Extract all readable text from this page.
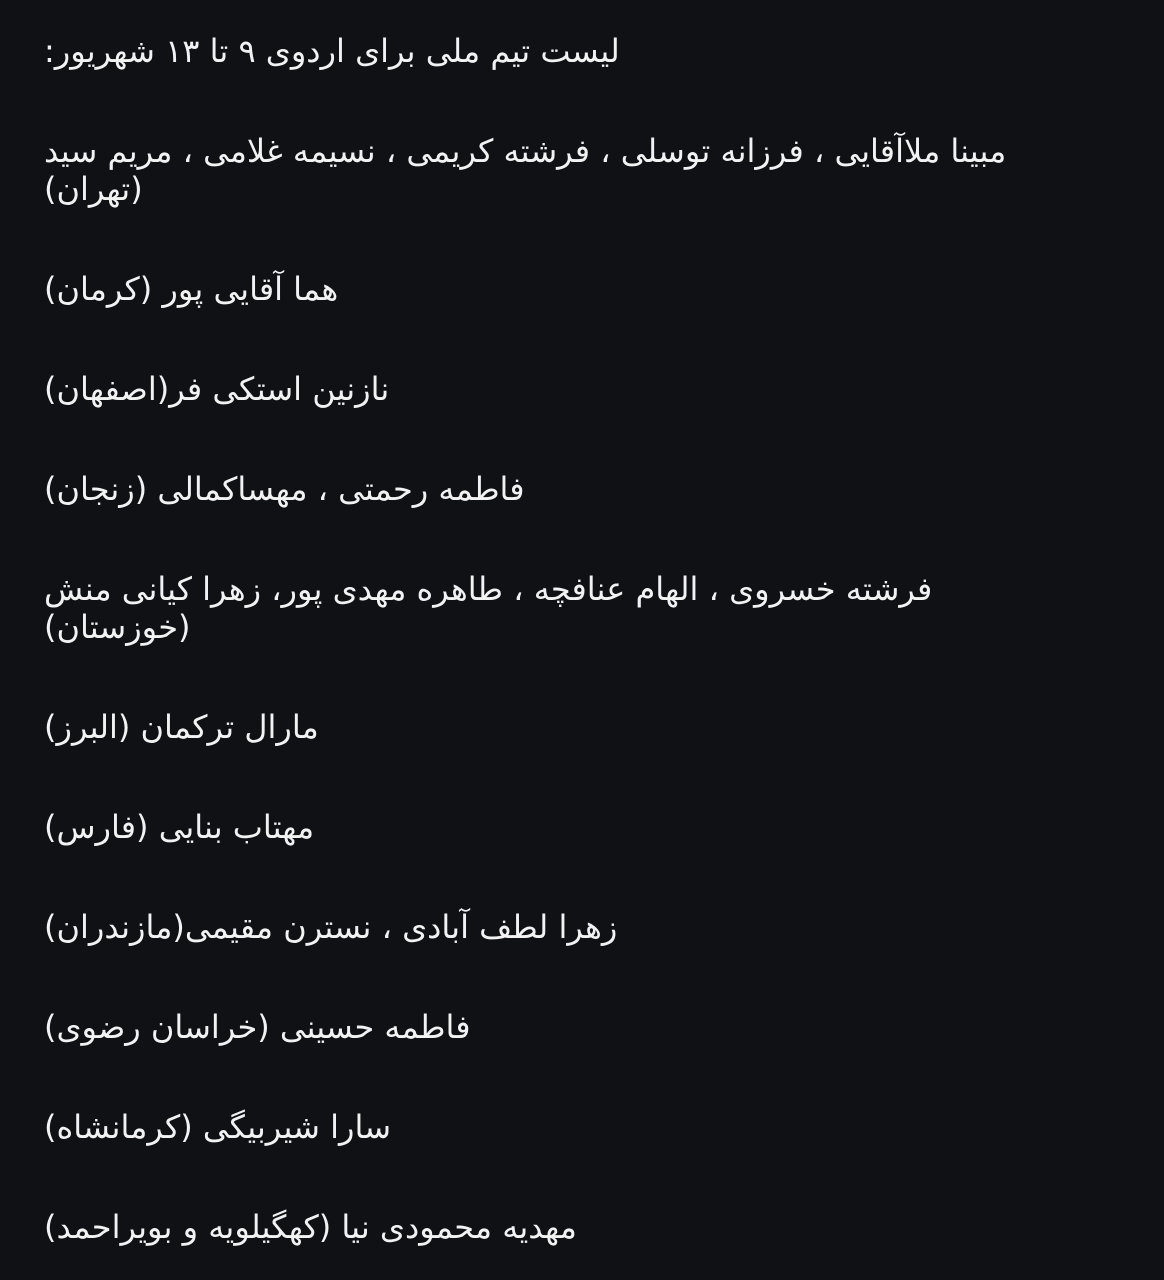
لیست تیم ملی برای اردوی ۹ تا ۱۳ شهریور:
مبینا ملاآقایی ، فرزانه توسلی ، فرشته کریمی ، نسیمه غلامی ، مریم سید (تهران)
هما آقایی پور (کرمان)
نازنین استکی فر(اصفهان)
فاطمه رحمتی ، مهساکمالی (زنجان)
فرشته خسروی ، الهام عنافچه ، طاهره مهدی پور، زهرا کیانی منش (خوزستان)
مارال ترکمان (البرز)
مهتاب بنایی (فارس)
زهرا لطف آبادی ، نسترن مقیمی(مازندران)
فاطمه حسینی (خراسان رضوی)
سارا شیربیگی (کرمانشاه)
مهدیه محمودی نیا (کهگیلویه و بویراحمد)
